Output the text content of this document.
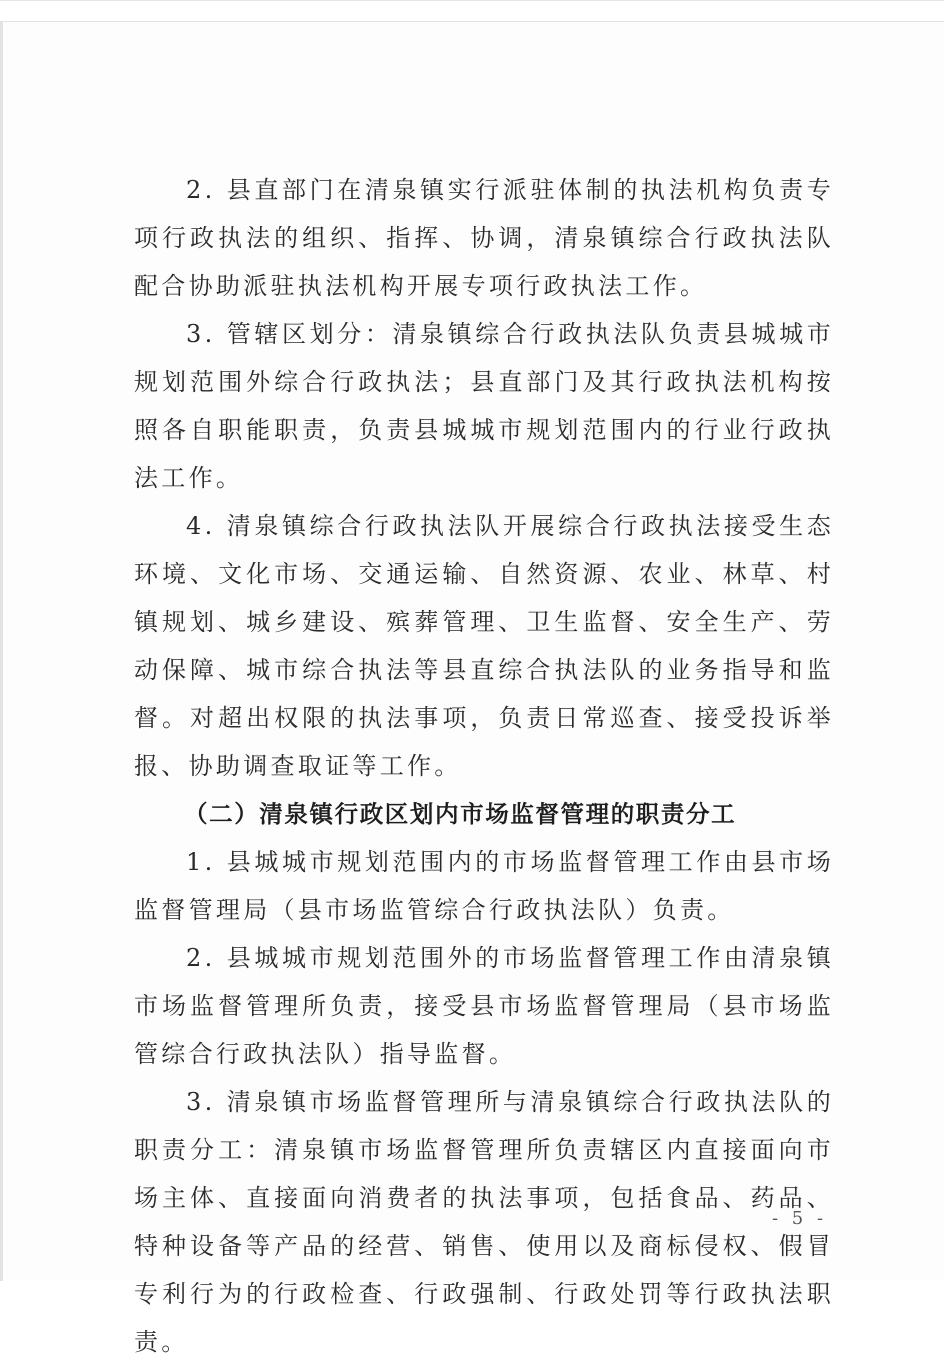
2. 县直部门在清泉镇实行派驻体制的执法机构负责专项行政执法的组织、指挥、协调，清泉镇综合行政执法队配合协助派驻执法机构开展专项行政执法工作。

3. 管辖区划分：清泉镇综合行政执法队负责县城城市规划范围外综合行政执法；县直部门及其行政执法机构按照各自职能职责，负责县城城市规划范围内的行业行政执法工作。

4. 清泉镇综合行政执法队开展综合行政执法接受生态环境、文化市场、交通运输、自然资源、农业、林草、村镇规划、城乡建设、殡葬管理、卫生监督、安全生产、劳动保障、城市综合执法等县直综合执法队的业务指导和监督。对超出权限的执法事项，负责日常巡查、接受投诉举报、协助调查取证等工作。

（二）清泉镇行政区划内市场监督管理的职责分工

1. 县城城市规划范围内的市场监督管理工作由县市场监督管理局（县市场监管综合行政执法队）负责。

2. 县城城市规划范围外的市场监督管理工作由清泉镇市场监督管理所负责，接受县市场监督管理局（县市场监管综合行政执法队）指导监督。

3. 清泉镇市场监督管理所与清泉镇综合行政执法队的职责分工：清泉镇市场监督管理所负责辖区内直接面向市场主体、直接面向消费者的执法事项，包括食品、药品、特种设备等产品的经营、销售、使用以及商标侵权、假冒专利行为的行政检查、行政强制、行政处罚等行政执法职责。

- 5 -
